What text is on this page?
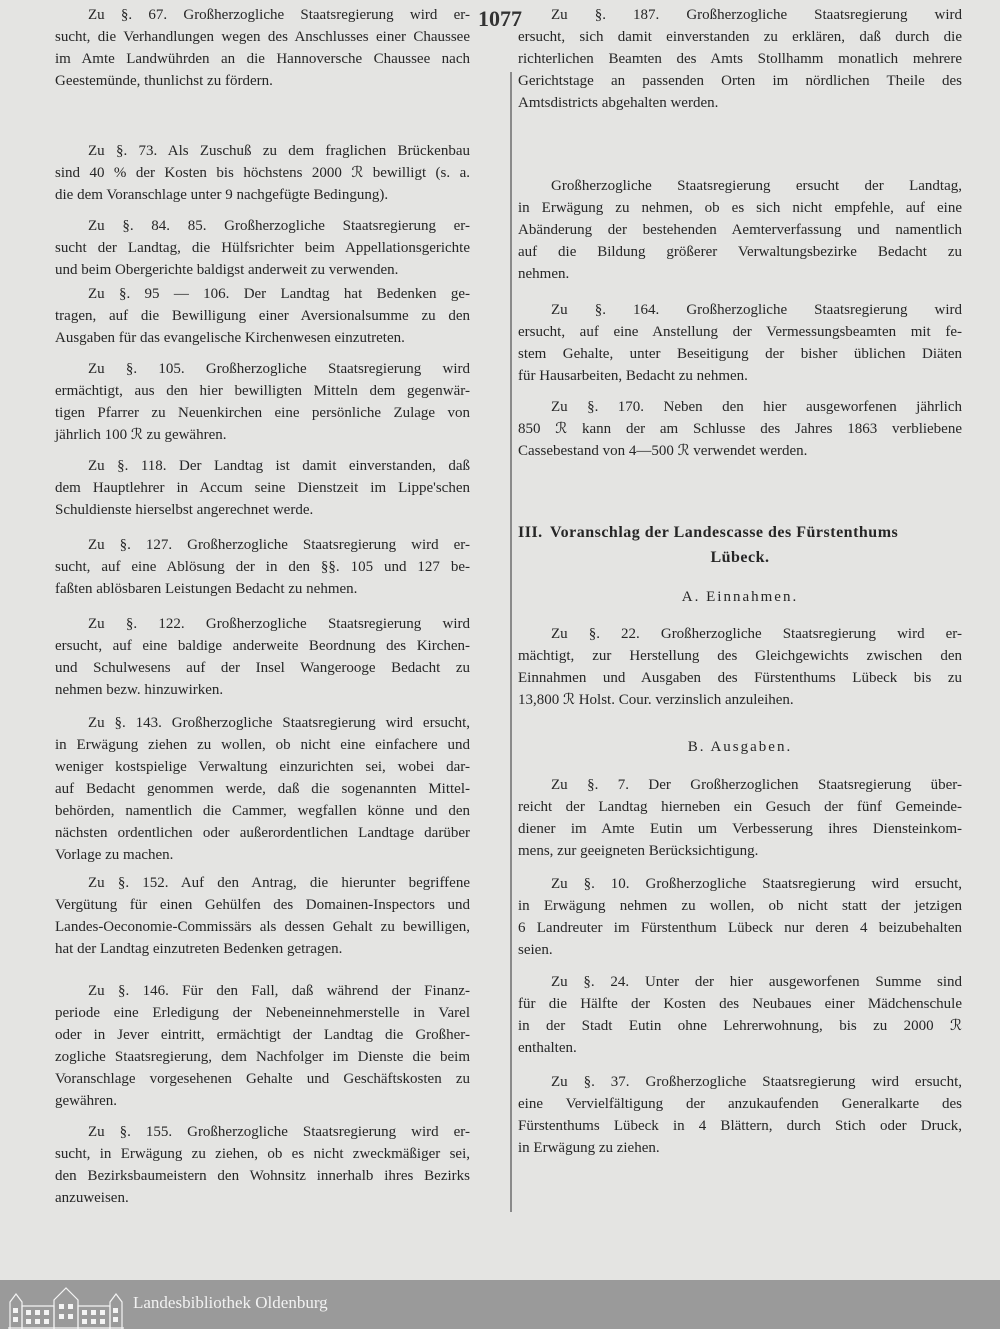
1077
Zu §. 67. Großherzogliche Staatsregierung wird er-
sucht, die Verhandlungen wegen des Anschlusses einer Chaussee
im Amte Landwührden an die Hannoversche Chaussee nach
Geestemünde, thunlichst zu fördern.
Zu §. 73. Als Zuschuß zu dem fraglichen Brückenbau
sind 40 % der Kosten bis höchstens 2000 ℛ bewilligt (s. a.
die dem Voranschlage unter 9 nachgefügte Bedingung).
Zu §. 84. 85. Großherzogliche Staatsregierung er-
sucht der Landtag, die Hülfsrichter beim Appellationsgerichte
und beim Obergerichte baldigst anderweit zu verwenden.
Zu §. 95 — 106. Der Landtag hat Bedenken ge-
tragen, auf die Bewilligung einer Aversionalsumme zu den
Ausgaben für das evangelische Kirchenwesen einzutreten.
Zu §. 105. Großherzogliche Staatsregierung wird
ermächtigt, aus den hier bewilligten Mitteln dem gegenwär-
tigen Pfarrer zu Neuenkirchen eine persönliche Zulage von
jährlich 100 ℛ zu gewähren.
Zu §. 118. Der Landtag ist damit einverstanden, daß
dem Hauptlehrer in Accum seine Dienstzeit im Lippe'schen
Schuldienste hierselbst angerechnet werde.
Zu §. 127. Großherzogliche Staatsregierung wird er-
sucht, auf eine Ablösung der in den §§. 105 und 127 be-
faßten ablösbaren Leistungen Bedacht zu nehmen.
Zu §. 122. Großherzogliche Staatsregierung wird
ersucht, auf eine baldige anderweite Beordnung des Kirchen-
und Schulwesens auf der Insel Wangerooge Bedacht zu
nehmen bezw. hinzuwirken.
Zu §. 143. Großherzogliche Staatsregierung wird ersucht,
in Erwägung ziehen zu wollen, ob nicht eine einfachere und
weniger kostspielige Verwaltung einzurichten sei, wobei dar-
auf Bedacht genommen werde, daß die sogenannten Mittel-
behörden, namentlich die Cammer, wegfallen könne und den
nächsten ordentlichen oder außerordentlichen Landtage darüber
Vorlage zu machen.
Zu §. 152. Auf den Antrag, die hierunter begriffene
Vergütung für einen Gehülfen des Domainen-Inspectors und
Landes-Oeconomie-Commissärs als dessen Gehalt zu bewilligen,
hat der Landtag einzutreten Bedenken getragen.
Zu §. 146. Für den Fall, daß während der Finanz-
periode eine Erledigung der Nebeneinnehmerstelle in Varel
oder in Jever eintritt, ermächtigt der Landtag die Großher-
zogliche Staatsregierung, dem Nachfolger im Dienste die beim
Voranschlage vorgesehenen Gehalte und Geschäftskosten zu
gewähren.
Zu §. 155. Großherzogliche Staatsregierung wird er-
sucht, in Erwägung zu ziehen, ob es nicht zweckmäßiger sei,
den Bezirksbaumeistern den Wohnsitz innerhalb ihres Bezirks
anzuweisen.
Zu §. 187. Großherzogliche Staatsregierung wird
ersucht, sich damit einverstanden zu erklären, daß durch die
richterlichen Beamten des Amts Stollhamm monatlich mehrere
Gerichtstage an passenden Orten im nördlichen Theile des
Amtsdistricts abgehalten werden.
Großherzogliche Staatsregierung ersucht der Landtag,
in Erwägung zu nehmen, ob es sich nicht empfehle, auf eine
Abänderung der bestehenden Aemterverfassung und namentlich
auf die Bildung größerer Verwaltungsbezirke Bedacht zu
nehmen.
Zu §. 164. Großherzogliche Staatsregierung wird
ersucht, auf eine Anstellung der Vermessungsbeamten mit fe-
stem Gehalte, unter Beseitigung der bisher üblichen Diäten
für Hausarbeiten, Bedacht zu nehmen.
Zu §. 170. Neben den hier ausgeworfenen jährlich
850 ℛ kann der am Schlusse des Jahres 1863 verbliebene
Cassebestand von 4—500 ℛ verwendet werden.
Zu §. 22. Großherzogliche Staatsregierung wird er-
mächtigt, zur Herstellung des Gleichgewichts zwischen den
Einnahmen und Ausgaben des Fürstenthums Lübeck bis zu
13,800 ℛ Holst. Cour. verzinslich anzuleihen.
Zu §. 7. Der Großherzoglichen Staatsregierung über-
reicht der Landtag hierneben ein Gesuch der fünf Gemeinde-
diener im Amte Eutin um Verbesserung ihres Diensteinkom-
mens, zur geeigneten Berücksichtigung.
Zu §. 10. Großherzogliche Staatsregierung wird ersucht,
in Erwägung nehmen zu wollen, ob nicht statt der jetzigen
6 Landreuter im Fürstenthum Lübeck nur deren 4 beizubehalten
seien.
Zu §. 24. Unter der hier ausgeworfenen Summe sind
für die Hälfte der Kosten des Neubaues einer Mädchenschule
in der Stadt Eutin ohne Lehrerwohnung, bis zu 2000 ℛ
enthalten.
Zu §. 37. Großherzogliche Staatsregierung wird ersucht,
eine Vervielfältigung der anzukaufenden Generalkarte des
Fürstenthums Lübeck in 4 Blättern, durch Stich oder Druck,
in Erwägung zu ziehen.
III. Voranschlag der Landescasse des Fürstenthums
Lübeck.
A. Einnahmen.
B. Ausgaben.
Landesbibliothek Oldenburg
